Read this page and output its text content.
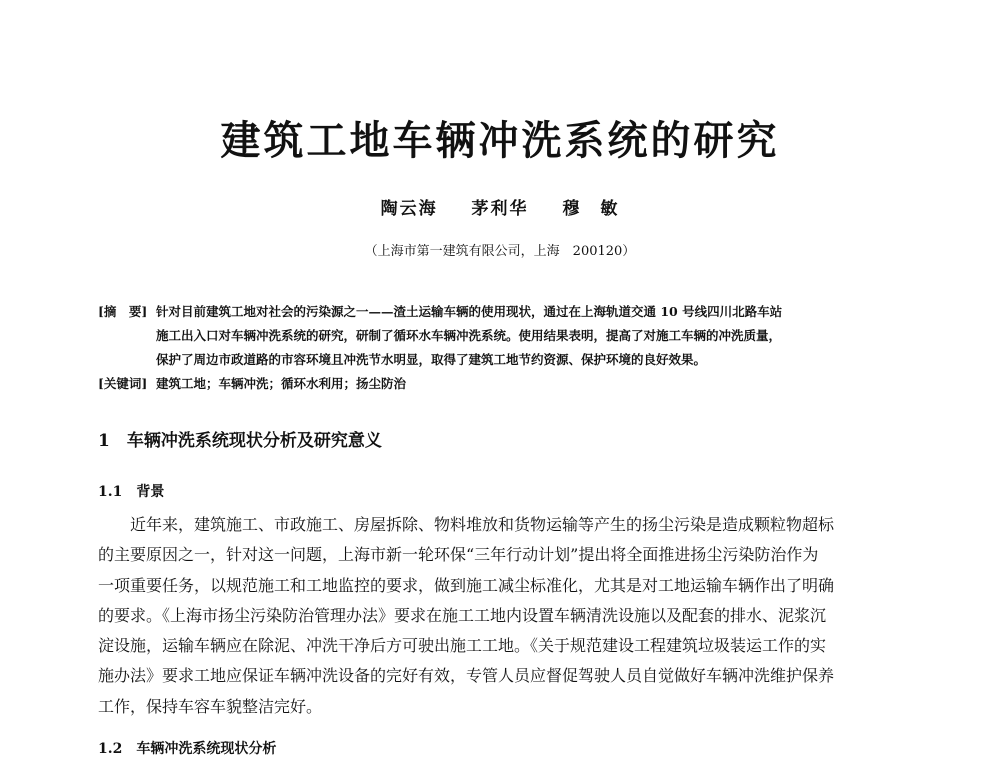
建筑工地车辆冲洗系统的研究
陶云海 茅利华 穆　敏
（上海市第一建筑有限公司，上海　200120）
[摘　要] 针对目前建筑工地对社会的污染源之一——渣土运输车辆的使用现状，通过在上海轨道交通 10 号线四川北路车站
施工出入口对车辆冲洗系统的研究，研制了循环水车辆冲洗系统。使用结果表明，提高了对施工车辆的冲洗质量，
保护了周边市政道路的市容环境且冲洗节水明显，取得了建筑工地节约资源、保护环境的良好效果。
[关键词] 建筑工地；车辆冲洗；循环水利用；扬尘防治
1　车辆冲洗系统现状分析及研究意义
1.1　背景
近年来，建筑施工、市政施工、房屋拆除、物料堆放和货物运输等产生的扬尘污染是造成颗粒物超标
的主要原因之一，针对这一问题，上海市新一轮环保“三年行动计划”提出将全面推进扬尘污染防治作为
一项重要任务，以规范施工和工地监控的要求，做到施工减尘标准化，尤其是对工地运输车辆作出了明确
的要求。《上海市扬尘污染防治管理办法》要求在施工工地内设置车辆清洗设施以及配套的排水、泥浆沉
淀设施，运输车辆应在除泥、冲洗干净后方可驶出施工工地。《关于规范建设工程建筑垃圾装运工作的实
施办法》要求工地应保证车辆冲洗设备的完好有效，专管人员应督促驾驶人员自觉做好车辆冲洗维护保养
工作，保持车容车貌整洁完好。
1.2　车辆冲洗系统现状分析
